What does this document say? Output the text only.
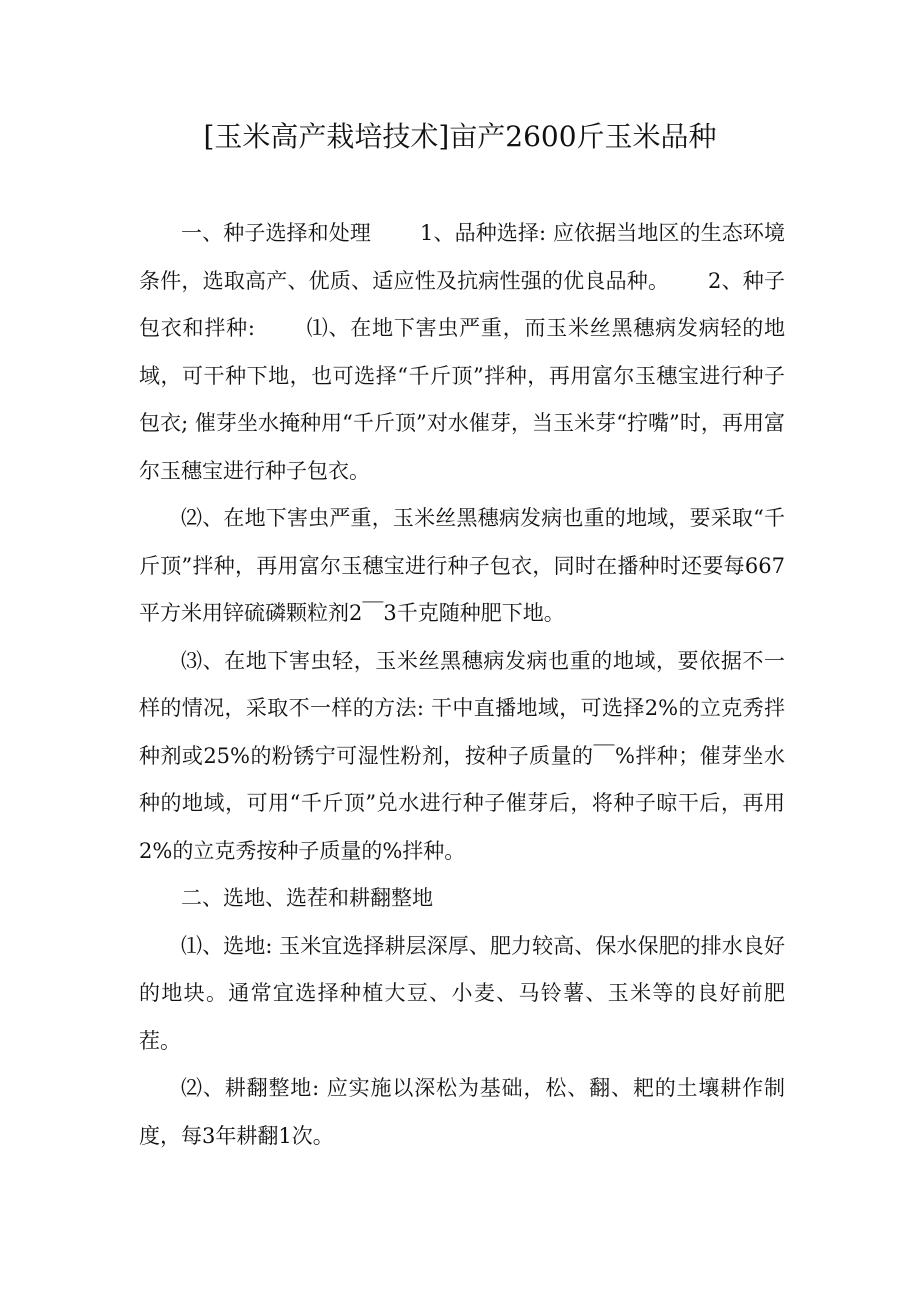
[玉米高产栽培技术]亩产2600斤玉米品种

一、种子选择和处理　　 1、品种选择: 应依据当地区的生态环境条件，选取高产、优质、适应性及抗病性强的优良品种。　　 2、种子包衣和拌种:　　 ⑴、在地下害虫严重，而玉米丝黑穗病发病轻的地域，可干种下地，也可选择“千斤顶”拌种，再用富尔玉穗宝进行种子包衣; 催芽坐水掩种用“千斤顶”对水催芽，当玉米芽“拧嘴”时，再用富尔玉穗宝进行种子包衣。

⑵、在地下害虫严重，玉米丝黑穗病发病也重的地域，要采取“千斤顶”拌种，再用富尔玉穗宝进行种子包衣，同时在播种时还要每667平方米用锌硫磷颗粒剂2￣3千克随种肥下地。

⑶、在地下害虫轻，玉米丝黑穗病发病也重的地域，要依据不一样的情况，采取不一样的方法: 干中直播地域，可选择2%的立克秀拌种剂或25%的粉锈宁可湿性粉剂，按种子质量的￣%拌种；催芽坐水种的地域，可用“千斤顶”兑水进行种子催芽后，将种子晾干后，再用2%的立克秀按种子质量的%拌种。

二、选地、选茬和耕翻整地

⑴、选地: 玉米宜选择耕层深厚、肥力较高、保水保肥的排水良好的地块。通常宜选择种植大豆、小麦、马铃薯、玉米等的良好前肥茬。

⑵、耕翻整地: 应实施以深松为基础，松、翻、耙的土壤耕作制度，每3年耕翻1次。
